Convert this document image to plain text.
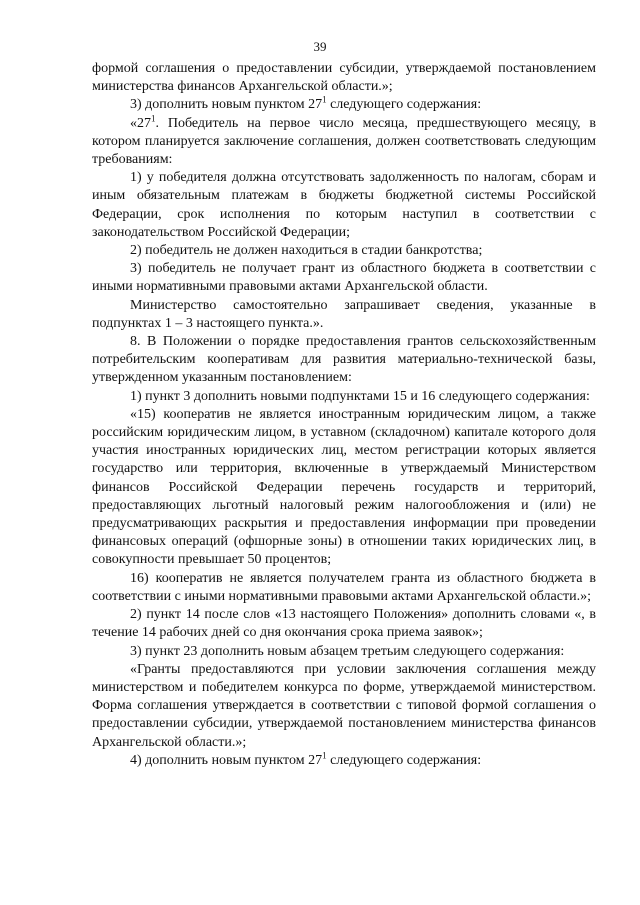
39

формой соглашения о предоставлении субсидии, утверждаемой постановлением министерства финансов Архангельской области.»;

3) дополнить новым пунктом $27^1$ следующего содержания:

«$27^1$. Победитель на первое число месяца, предшествующего месяцу, в котором планируется заключение соглашения, должен соответствовать следующим требованиям:

1) у победителя должна отсутствовать задолженность по налогам, сборам и иным обязательным платежам в бюджеты бюджетной системы Российской Федерации, срок исполнения по которым наступил в соответствии с законодательством Российской Федерации;

2) победитель не должен находиться в стадии банкротства;

3) победитель не получает грант из областного бюджета в соответствии с иными нормативными правовыми актами Архангельской области.

Министерство самостоятельно запрашивает сведения, указанные в подпунктах 1 – 3 настоящего пункта.».

8. В Положении о порядке предоставления грантов сельскохозяйственным потребительским кооперативам для развития материально-технической базы, утвержденном указанным постановлением:

1) пункт 3 дополнить новыми подпунктами 15 и 16 следующего содержания:

«15) кооператив не является иностранным юридическим лицом, а также российским юридическим лицом, в уставном (складочном) капитале которого доля участия иностранных юридических лиц, местом регистрации которых является государство или территория, включенные в утверждаемый Министерством финансов Российской Федерации перечень государств и территорий, предоставляющих льготный налоговый режим налогообложения и (или) не предусматривающих раскрытия и предоставления информации при проведении финансовых операций (офшорные зоны) в отношении таких юридических лиц, в совокупности превышает 50 процентов;

16) кооператив не является получателем гранта из областного бюджета в соответствии с иными нормативными правовыми актами Архангельской области.»;

2) пункт 14 после слов «13 настоящего Положения» дополнить словами «, в течение 14 рабочих дней со дня окончания срока приема заявок»;

3) пункт 23 дополнить новым абзацем третьим следующего содержания:

«Гранты предоставляются при условии заключения соглашения между министерством и победителем конкурса по форме, утверждаемой министерством. Форма соглашения утверждается в соответствии с типовой формой соглашения о предоставлении субсидии, утверждаемой постановлением министерства финансов Архангельской области.»;

4) дополнить новым пунктом $27^1$ следующего содержания:
